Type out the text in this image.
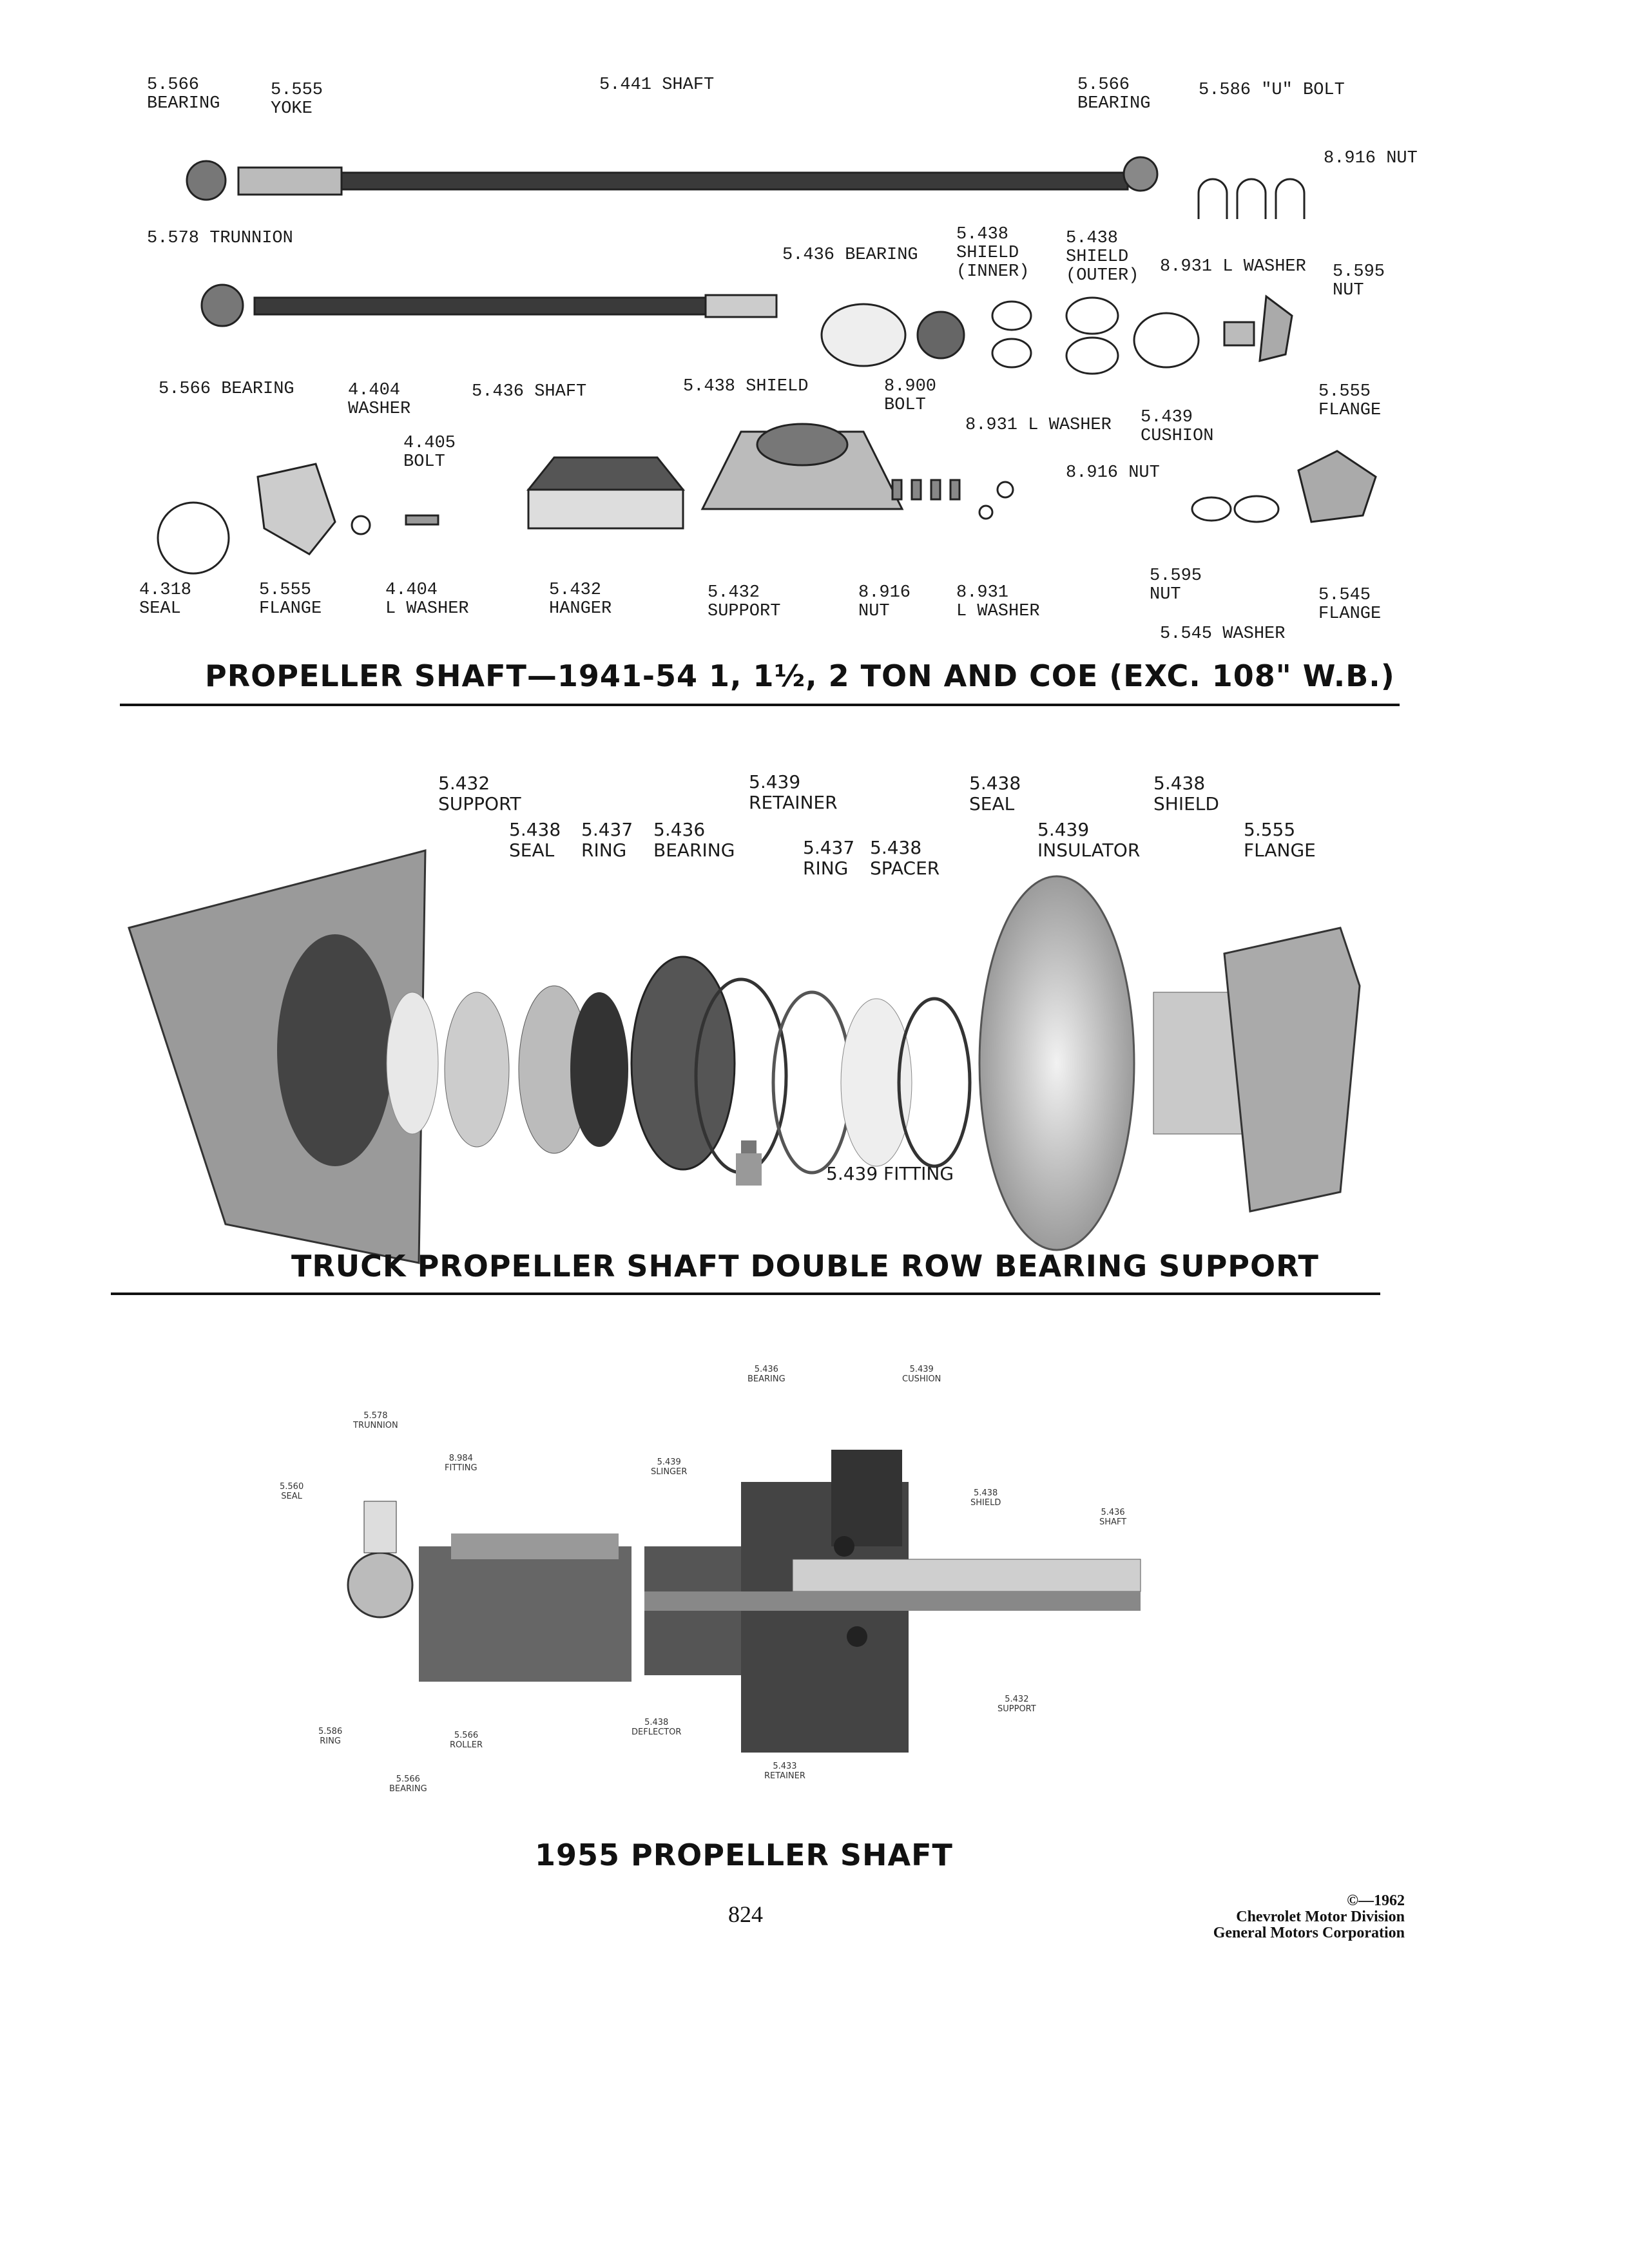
5.566
BEARING
5.555
YOKE
5.441 SHAFT	5.566
BEARING
5.586 "U" BOLT
8.916 NUT
5.578 TRUNNION
5.436 BEARING
5.438
SHIELD
(INNER)
5.438
SHIELD
(OUTER) 8.931 L WASHER 5.595
NUT
5.566 BEARING	4.404
WASHER
5.436 SHAFT	5.438 SHIELD	8.900
BOLT
4.405
BOLT
8.931 L WASHER 5.439
CUSHION
5.555
FLANGE
8.916 NUT
4.318
SEAL
5.555
FLANGE
4.404
L WASHER
5.432
HANGER
5.432
SUPPORT
8.916
NUT
8.931
L WASHER
5.595
NUT	5.545
FLANGE
5.545 WASHER
PROPELLER SHAFT—1941-54 1, 1½, 2 TON AND COE (EXC. 108" W.B.)
5.432
SUPPORT
5.439
RETAINER
5.438
SEAL
5.438
SHIELD
5.438
SEAL
5.437
RING
5.436
BEARING	5.437
RING
5.438
SPACER
5.439
INSULATOR
5.555
FLANGE
5.439 FITTING
TRUCK PROPELLER SHAFT DOUBLE ROW BEARING SUPPORT
5.436
BEARING
5.439
CUSHION
5.578
TRUNNION
8.984
FITTING
5.439
SLINGER
5.560
SEAL	5.438
SHIELD
5.436
SHAFT
5.432
SUPPORT
5.586
RING
5.566
ROLLER
5.438
DEFLECTOR
5.566
BEARING
5.433
RETAINER
1955 PROPELLER SHAFT
824
©—1962
Chevrolet Motor Division
General Motors Corporation
